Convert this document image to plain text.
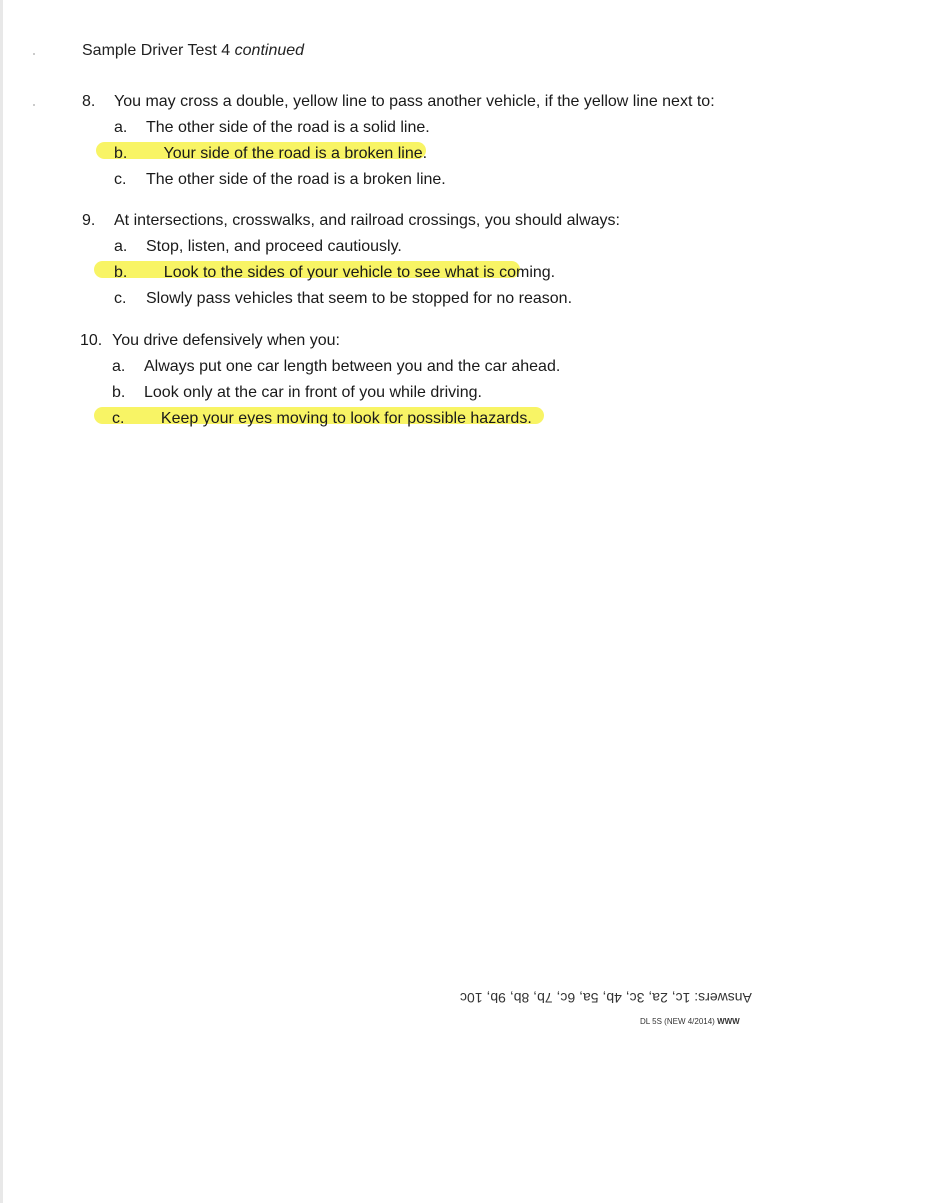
Sample Driver Test 4 continued
8. You may cross a double, yellow line to pass another vehicle, if the yellow line next to:
a. The other side of the road is a solid line.
b. Your side of the road is a broken line.
c. The other side of the road is a broken line.
9. At intersections, crosswalks, and railroad crossings, you should always:
a. Stop, listen, and proceed cautiously.
b. Look to the sides of your vehicle to see what is coming.
c. Slowly pass vehicles that seem to be stopped for no reason.
10. You drive defensively when you:
a. Always put one car length between you and the car ahead.
b. Look only at the car in front of you while driving.
c. Keep your eyes moving to look for possible hazards.
Answers: 1c, 2a, 3c, 4b, 5a, 6c, 7b, 8b, 9b, 10c
DL 5S (NEW 4/2014) WWW
